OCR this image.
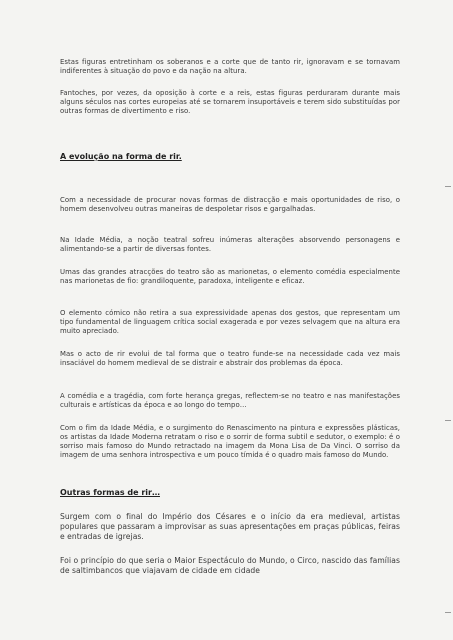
Estas figuras entretinham os soberanos e a corte que de tanto rir, ignoravam e se tornavam indiferentes à situação do povo e da nação na altura.
Fantoches, por vezes, da oposição à corte e a reis, estas figuras perduraram durante mais alguns séculos nas cortes europeias até se tornarem insuportáveis e terem sido substituídas por outras formas de divertimento e riso.
A evolução na forma de rir.
Com a necessidade de procurar novas formas de distracção e mais oportunidades de riso, o homem desenvolveu outras maneiras de despoletar risos e gargalhadas.
Na Idade Média, a noção teatral sofreu inúmeras alterações absorvendo personagens e alimentando-se a partir de diversas fontes.
Umas das grandes atracções do teatro são as marionetas, o elemento comédia especialmente nas marionetas de fio: grandiloquente, paradoxa, inteligente e eficaz.
O elemento cómico não retira a sua expressividade apenas dos gestos, que representam um tipo fundamental de linguagem crítica social exagerada e por vezes selvagem que na altura era muito apreciado.
Mas o acto de rir evolui de tal forma que o teatro funde-se na necessidade cada vez mais insaciável do homem medieval de se distrair e abstrair dos problemas da época.
A comédia e a tragédia, com forte herança gregas, reflectem-se no teatro e nas manifestações culturais e artísticas da época e ao longo do tempo…
Com o fim da Idade Média, e o surgimento do Renascimento na pintura e expressões plásticas, os artistas da Idade Moderna retratam o riso e o sorrir de forma subtil e sedutor, o exemplo: é o sorriso mais famoso do Mundo retractado na imagem da Mona Lisa de Da Vinci. O sorriso da imagem de uma senhora introspectiva e um pouco tímida é o quadro mais famoso do Mundo.
Outras formas de rir…
Surgem com o final do Império dos Césares e o início da era medieval, artistas populares que passaram a improvisar as suas apresentações em praças públicas, feiras e entradas de igrejas.
Foi o princípio do que seria o Maior Espectáculo do Mundo, o Circo, nascido das famílias de saltimbancos que viajavam de cidade em cidade
